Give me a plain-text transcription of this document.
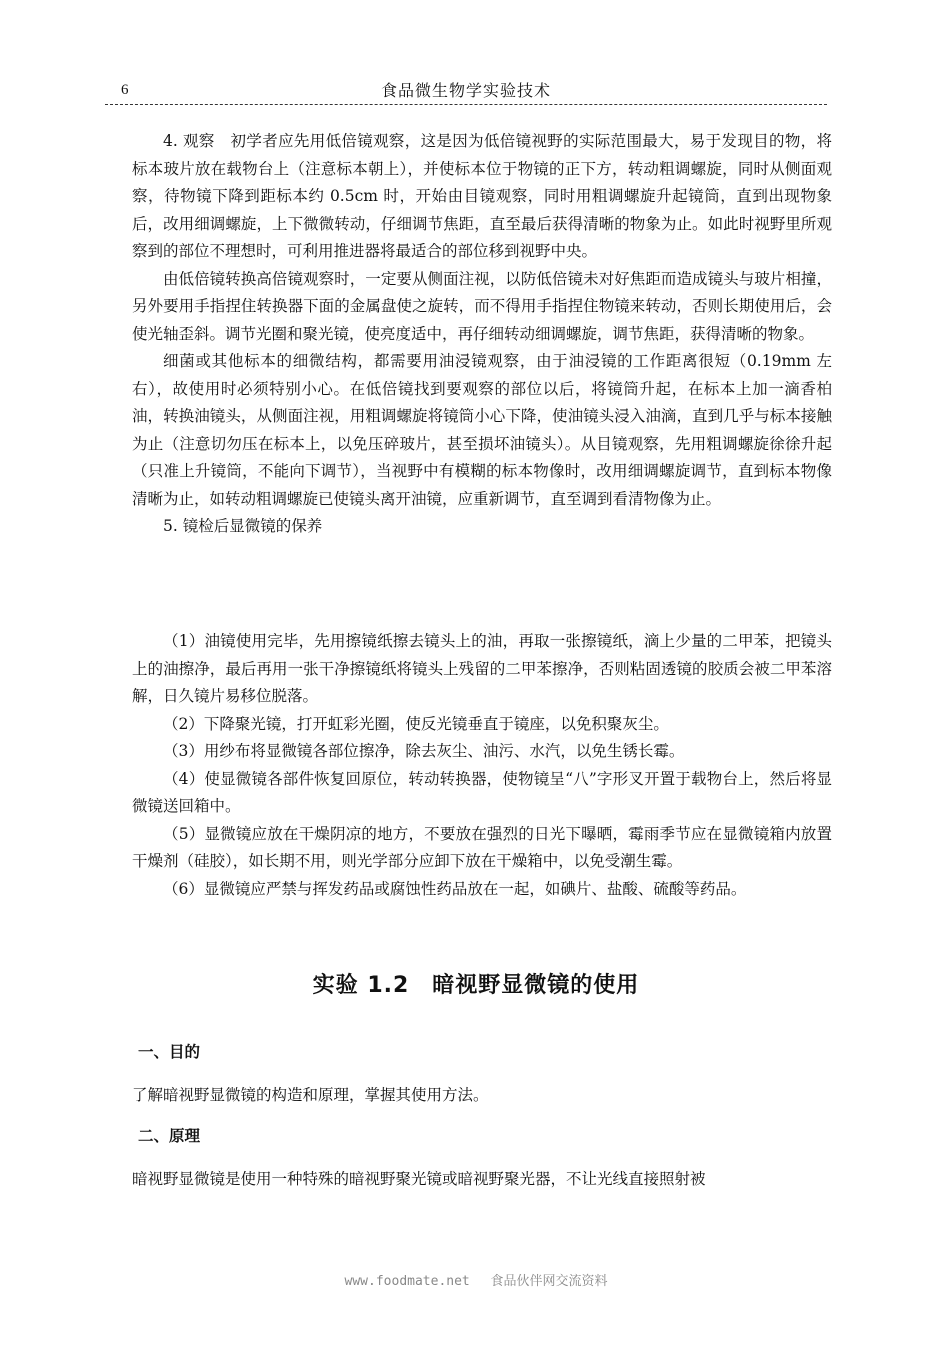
6	食品微生物学实验技术

4. 观察　初学者应先用低倍镜观察，这是因为低倍镜视野的实际范围最大，易于发现目的物，将标本玻片放在载物台上（注意标本朝上），并使标本位于物镜的正下方，转动粗调螺旋，同时从侧面观察，待物镜下降到距标本约 0.5cm 时，开始由目镜观察，同时用粗调螺旋升起镜筒，直到出现物象后，改用细调螺旋，上下微微转动，仔细调节焦距，直至最后获得清晰的物象为止。如此时视野里所观察到的部位不理想时，可利用推进器将最适合的部位移到视野中央。

由低倍镜转换高倍镜观察时，一定要从侧面注视，以防低倍镜未对好焦距而造成镜头与玻片相撞，另外要用手指捏住转换器下面的金属盘使之旋转，而不得用手指捏住物镜来转动，否则长期使用后，会使光轴歪斜。调节光圈和聚光镜，使亮度适中，再仔细转动细调螺旋，调节焦距，获得清晰的物象。

细菌或其他标本的细微结构，都需要用油浸镜观察，由于油浸镜的工作距离很短（0.19mm 左右），故使用时必须特别小心。在低倍镜找到要观察的部位以后，将镜筒升起，在标本上加一滴香柏油，转换油镜头，从侧面注视，用粗调螺旋将镜筒小心下降，使油镜头浸入油滴，直到几乎与标本接触为止（注意切勿压在标本上，以免压碎玻片，甚至损坏油镜头）。从目镜观察，先用粗调螺旋徐徐升起（只准上升镜筒，不能向下调节），当视野中有模糊的标本物像时，改用细调螺旋调节，直到标本物像清晰为止，如转动粗调螺旋已使镜头离开油镜，应重新调节，直至调到看清物像为止。

5. 镜检后显微镜的保养

（1）油镜使用完毕，先用擦镜纸擦去镜头上的油，再取一张擦镜纸，滴上少量的二甲苯，把镜头上的油擦净，最后再用一张干净擦镜纸将镜头上残留的二甲苯擦净，否则粘固透镜的胶质会被二甲苯溶解，日久镜片易移位脱落。

（2）下降聚光镜，打开虹彩光圈，使反光镜垂直于镜座，以免积聚灰尘。

（3）用纱布将显微镜各部位擦净，除去灰尘、油污、水汽，以免生锈长霉。

（4）使显微镜各部件恢复回原位，转动转换器，使物镜呈“八”字形叉开置于载物台上，然后将显微镜送回箱中。

（5）显微镜应放在干燥阴凉的地方，不要放在强烈的日光下曝晒，霉雨季节应在显微镜箱内放置干燥剂（硅胶），如长期不用，则光学部分应卸下放在干燥箱中，以免受潮生霉。

（6）显微镜应严禁与挥发药品或腐蚀性药品放在一起，如碘片、盐酸、硫酸等药品。

实验 1.2　暗视野显微镜的使用
一、目的
了解暗视野显微镜的构造和原理，掌握其使用方法。
二、原理
暗视野显微镜是使用一种特殊的暗视野聚光镜或暗视野聚光器，不让光线直接照射被
www.foodmate.net 食品伙伴网交流资料
